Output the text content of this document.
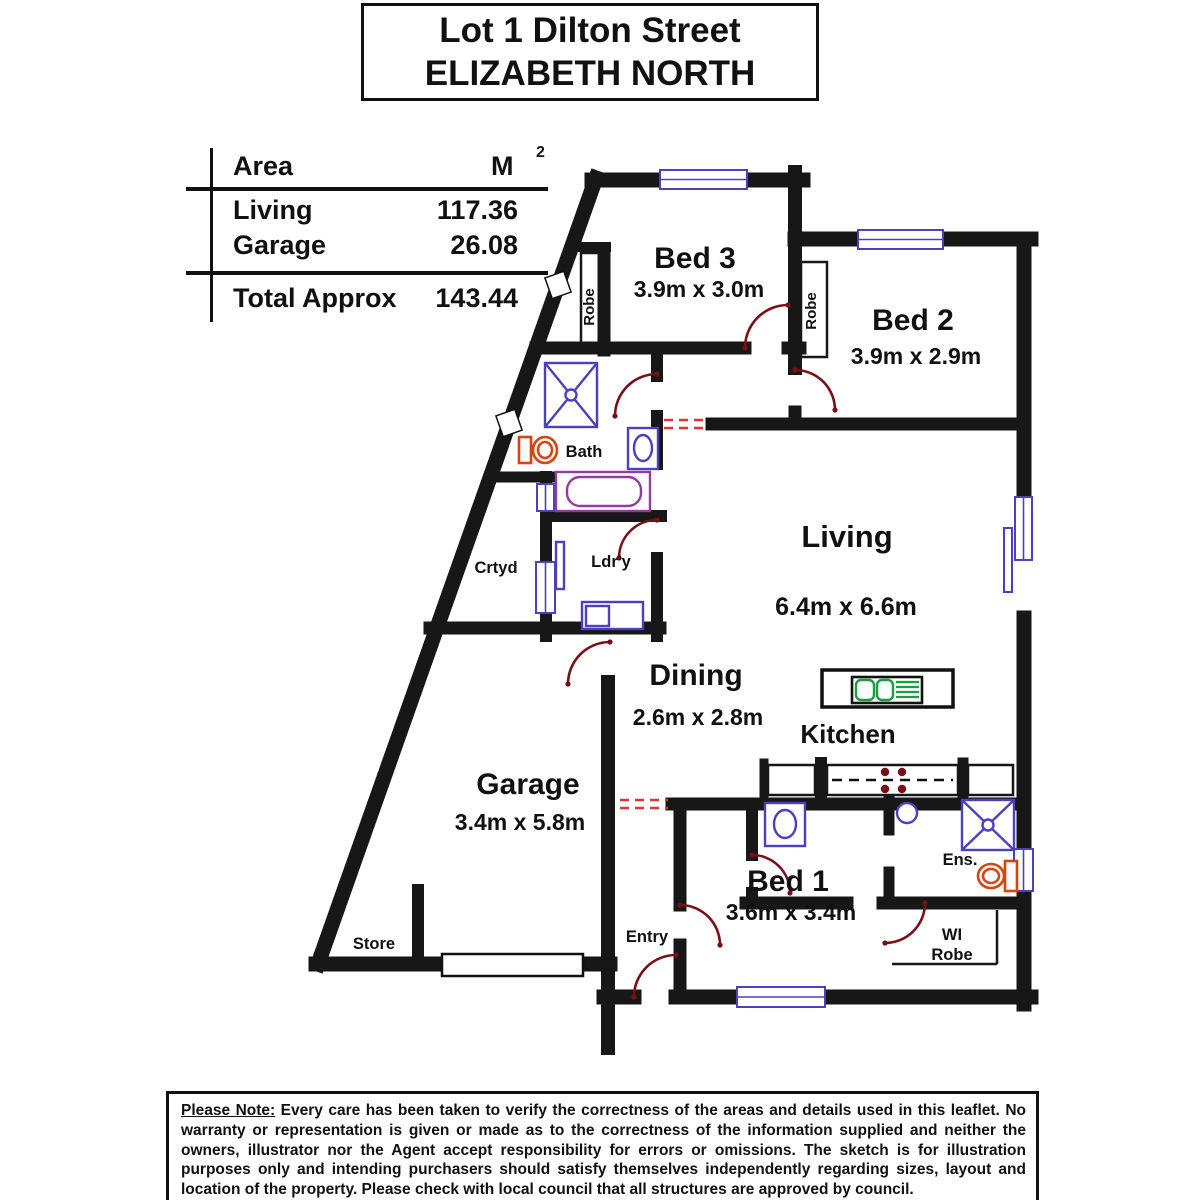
Bed 3
3.9m x 3.0m
Bed 2
3.9m x 2.9m
Living
6.4m x 6.6m
Dining
2.6m x 2.8m
Kitchen
Garage
3.4m x 5.8m
Bed 1
3.6m x 3.4m
Bath
Ldr'y
Crtyd
Entry
Store
Ens.
WI
Robe
Robe	Robe
Lot 1 Dilton Street
ELIZABETH NORTH
Area	M 2
Living	117.36
Garage	26.08
Total Approx	143.44
Please Note: Every care has been taken to verify the correctness of the areas and details used in this leaflet. No warranty or representation is given or made as to the correctness of the information supplied and neither the owners, illustrator nor the Agent accept responsibility for errors or omissions. The sketch is for illustration purposes only and intending purchasers should satisfy themselves independently regarding sizes, layout and location of the property. Please check with local council that all structures are approved by council.
